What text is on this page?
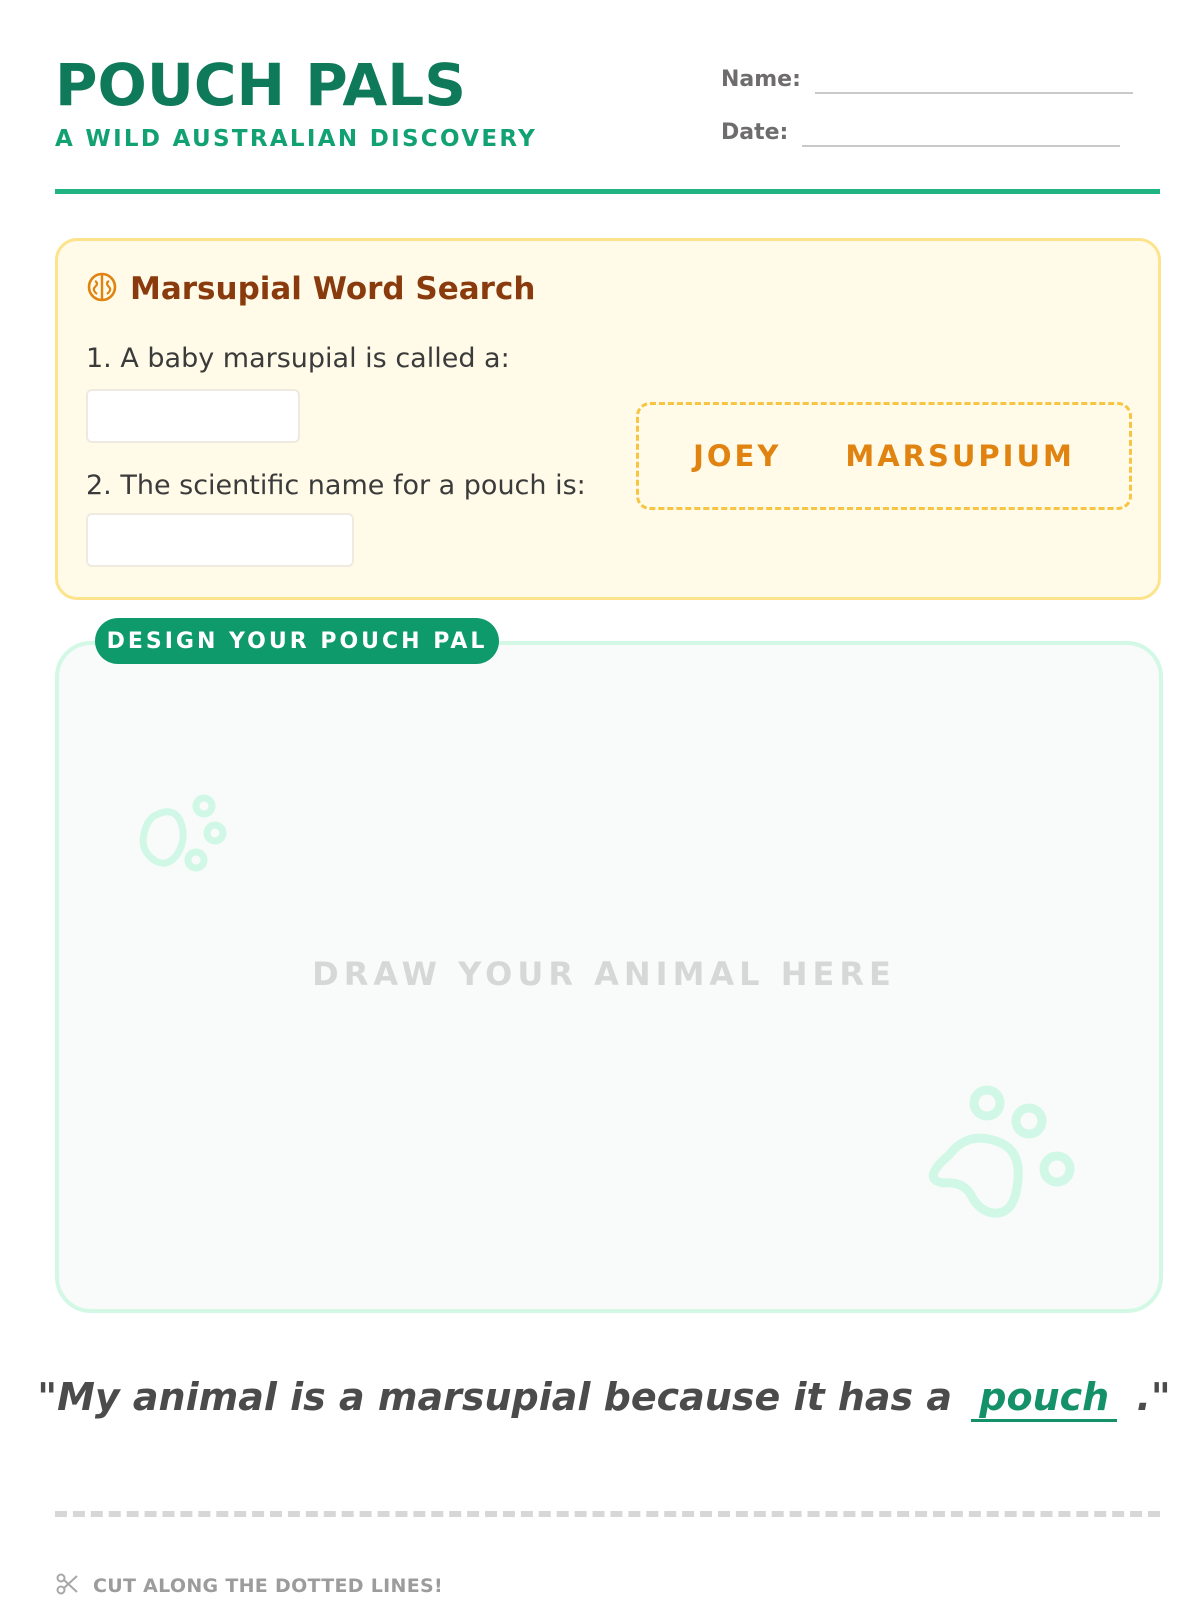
POUCH PALS
A WILD AUSTRALIAN DISCOVERY
Name:
Date:
Marsupial Word Search
1. A baby marsupial is called a:
2. The scientific name for a pouch is:
JOEY MARSUPIUM
DESIGN YOUR POUCH PAL
DRAW YOUR ANIMAL HERE
"My animal is a marsupial because it has a pouch ."
CUT ALONG THE DOTTED LINES!
